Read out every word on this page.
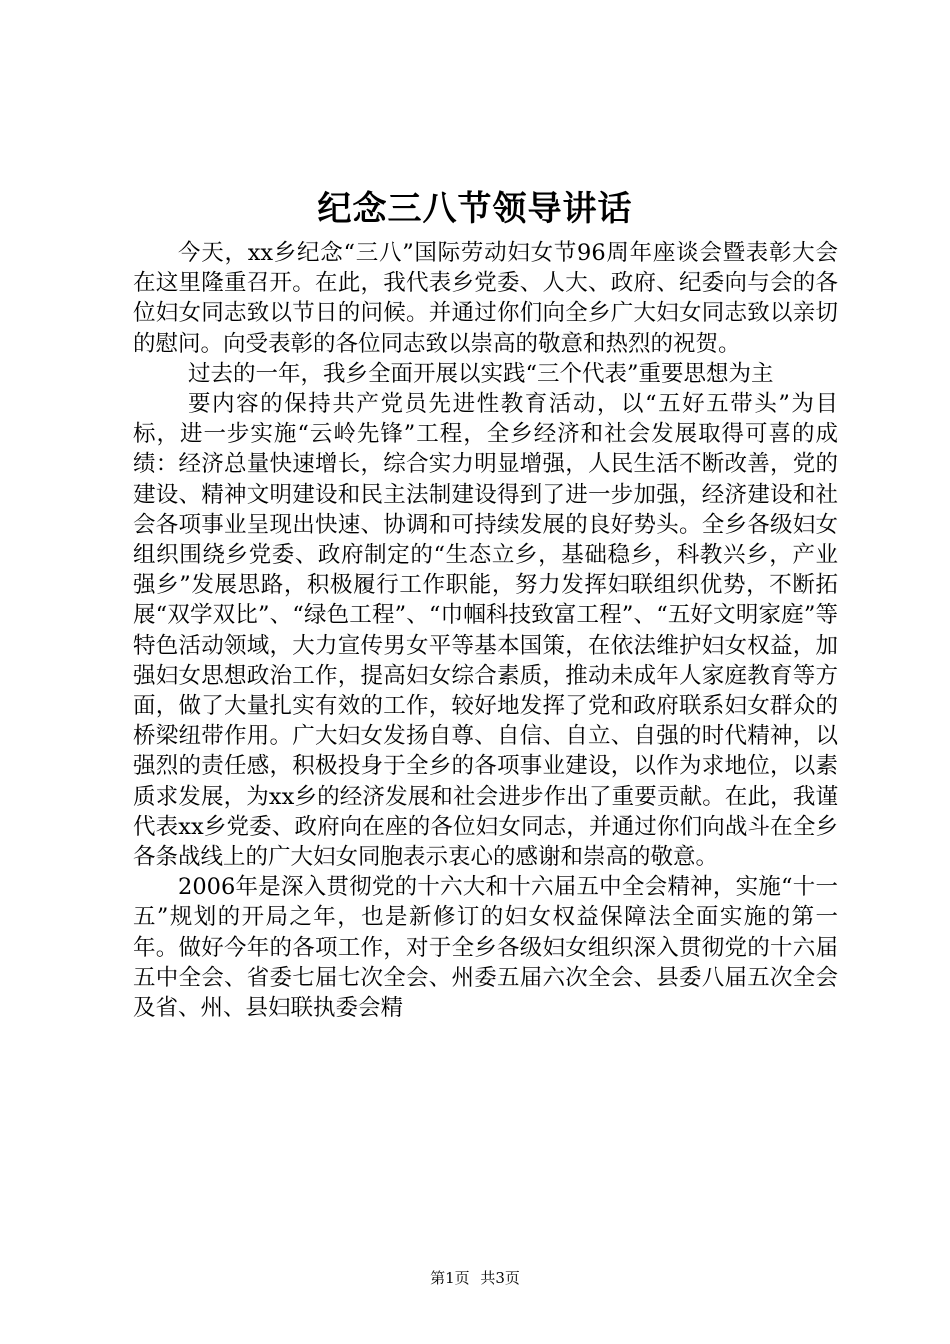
纪念三八节领导讲话

今天，xx乡纪念“三八”国际劳动妇女节96周年座谈会暨表彰大会在这里隆重召开。在此，我代表乡党委、人大、政府、纪委向与会的各位妇女同志致以节日的问候。并通过你们向全乡广大妇女同志致以亲切的慰问。向受表彰的各位同志致以崇高的敬意和热烈的祝贺。

过去的一年，我乡全面开展以实践“三个代表”重要思想为主

要内容的保持共产党员先进性教育活动，以“五好五带头”为目标，进一步实施“云岭先锋”工程，全乡经济和社会发展取得可喜的成绩：经济总量快速增长，综合实力明显增强，人民生活不断改善，党的建设、精神文明建设和民主法制建设得到了进一步加强，经济建设和社会各项事业呈现出快速、协调和可持续发展的良好势头。全乡各级妇女组织围绕乡党委、政府制定的“生态立乡，基础稳乡，科教兴乡，产业强乡”发展思路，积极履行工作职能，努力发挥妇联组织优势，不断拓展“双学双比”、“绿色工程”、“巾帼科技致富工程”、“五好文明家庭”等特色活动领域，大力宣传男女平等基本国策，在依法维护妇女权益，加强妇女思想政治工作，提高妇女综合素质，推动未成年人家庭教育等方面，做了大量扎实有效的工作，较好地发挥了党和政府联系妇女群众的桥梁纽带作用。广大妇女发扬自尊、自信、自立、自强的时代精神，以强烈的责任感，积极投身于全乡的各项事业建设，以作为求地位，以素质求发展，为xx乡的经济发展和社会进步作出了重要贡献。在此，我谨代表xx乡党委、政府向在座的各位妇女同志，并通过你们向战斗在全乡各条战线上的广大妇女同胞表示衷心的感谢和崇高的敬意。

2006年是深入贯彻党的十六大和十六届五中全会精神，实施“十一五”规划的开局之年，也是新修订的妇女权益保障法全面实施的第一年。做好今年的各项工作，对于全乡各级妇女组织深入贯彻党的十六届五中全会、省委七届七次全会、州委五届六次全会、县委八届五次全会及省、州、县妇联执委会精

第1页 共3页
